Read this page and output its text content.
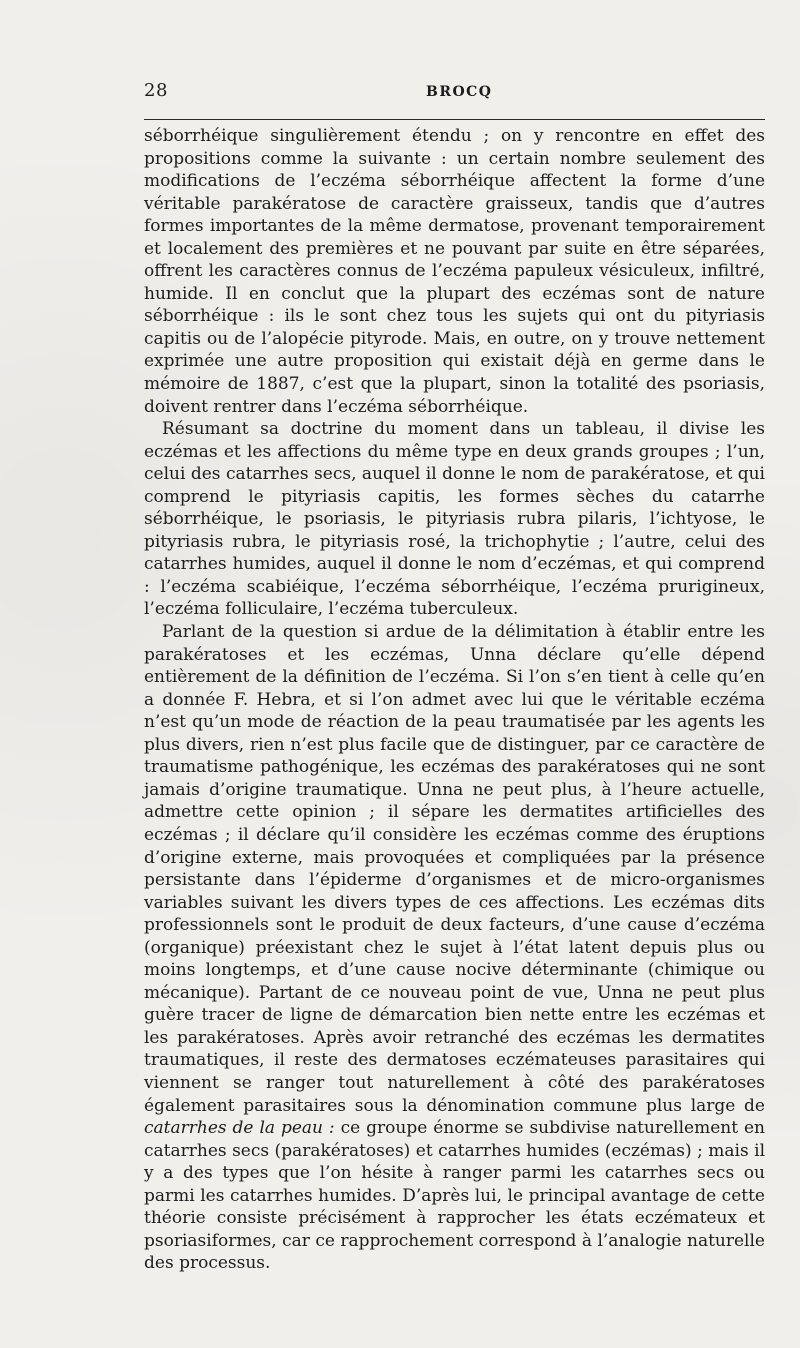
28	BROCQ

séborrhéique singulièrement étendu ; on y rencontre en effet des propositions comme la suivante : un certain nombre seulement des modifications de l’eczéma séborrhéique affectent la forme d’une véritable parakératose de caractère graisseux, tandis que d’autres formes importantes de la même dermatose, provenant temporairement et localement des premières et ne pouvant par suite en être séparées, offrent les caractères connus de l’eczéma papuleux vésiculeux, infiltré, humide. Il en conclut que la plupart des eczémas sont de nature séborrhéique : ils le sont chez tous les sujets qui ont du pityriasis capitis ou de l’alopécie pityrode. Mais, en outre, on y trouve nettement exprimée une autre proposition qui existait déjà en germe dans le mémoire de 1887, c’est que la plupart, sinon la totalité des psoriasis, doivent rentrer dans l’eczéma séborrhéique.

Résumant sa doctrine du moment dans un tableau, il divise les eczémas et les affections du même type en deux grands groupes ; l’un, celui des catarrhes secs, auquel il donne le nom de parakératose, et qui comprend le pityriasis capitis, les formes sèches du catarrhe séborrhéique, le psoriasis, le pityriasis rubra pilaris, l’ichtyose, le pityriasis rubra, le pityriasis rosé, la trichophytie ; l’autre, celui des catarrhes humides, auquel il donne le nom d’eczémas, et qui comprend : l’eczéma scabiéique, l’eczéma séborrhéique, l’eczéma prurigineux, l’eczéma folliculaire, l’eczéma tuberculeux.

Parlant de la question si ardue de la délimitation à établir entre les parakératoses et les eczémas, Unna déclare qu’elle dépend entièrement de la définition de l’eczéma. Si l’on s’en tient à celle qu’en a donnée F. Hebra, et si l’on admet avec lui que le véritable eczéma n’est qu’un mode de réaction de la peau traumatisée par les agents les plus divers, rien n’est plus facile que de distinguer, par ce caractère de traumatisme pathogénique, les eczémas des parakératoses qui ne sont jamais d’origine traumatique. Unna ne peut plus, à l’heure actuelle, admettre cette opinion ; il sépare les dermatites artificielles des eczémas ; il déclare qu’il considère les eczémas comme des éruptions d’origine externe, mais provoquées et compliquées par la présence persistante dans l’épiderme d’organismes et de micro-organismes variables suivant les divers types de ces affections. Les eczémas dits professionnels sont le produit de deux facteurs, d’une cause d’eczéma (organique) préexistant chez le sujet à l’état latent depuis plus ou moins longtemps, et d’une cause nocive déterminante (chimique ou mécanique). Partant de ce nouveau point de vue, Unna ne peut plus guère tracer de ligne de démarcation bien nette entre les eczémas et les parakératoses. Après avoir retranché des eczémas les dermatites traumatiques, il reste des dermatoses eczémateuses parasitaires qui viennent se ranger tout naturellement à côté des parakératoses également parasitaires sous la dénomination commune plus large de catarrhes de la peau : ce groupe énorme se subdivise naturellement en catarrhes secs (parakératoses) et catarrhes humides (eczémas) ; mais il y a des types que l’on hésite à ranger parmi les catarrhes secs ou parmi les catarrhes humides. D’après lui, le principal avantage de cette théorie consiste précisément à rapprocher les états eczémateux et psoriasiformes, car ce rapprochement correspond à l’analogie naturelle des processus.
